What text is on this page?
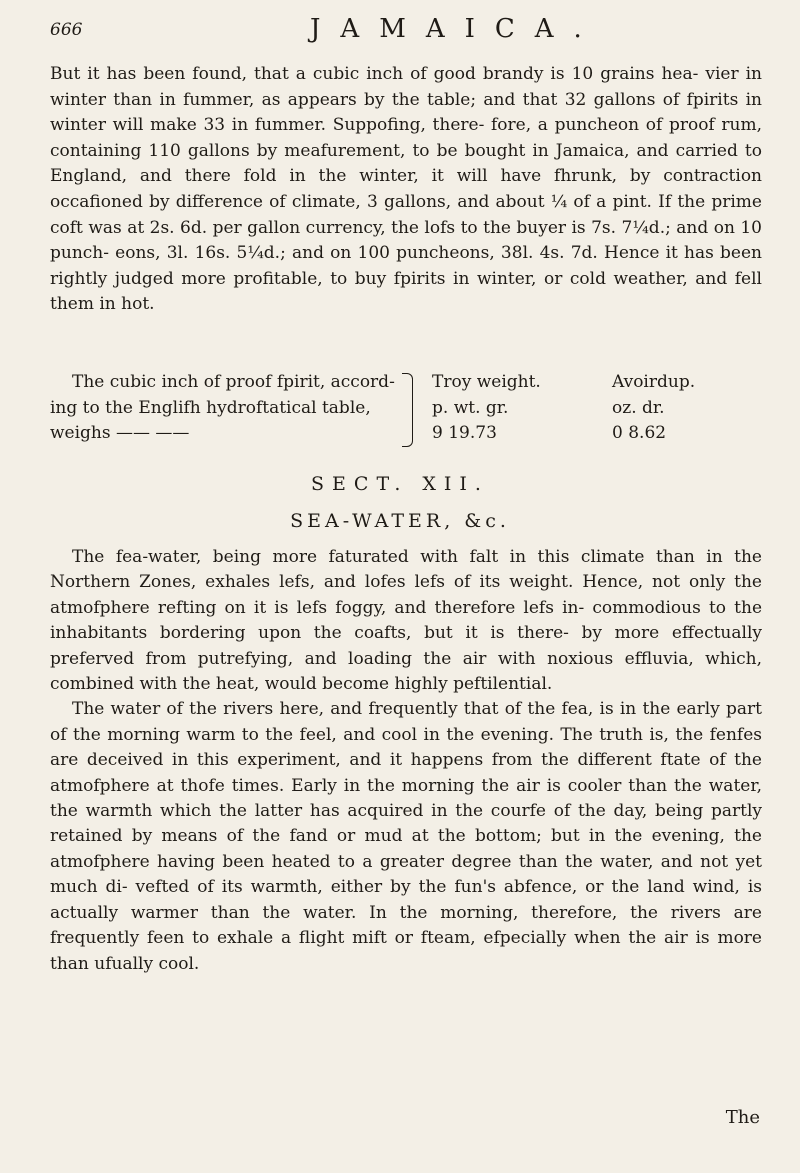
666	JAMAICA.

But it has been found, that a cubic inch of good brandy is 10 grains hea- vier in winter than in fummer, as appears by the table; and that 32 gallons of fpirits in winter will make 33 in fummer. Suppofing, there- fore, a puncheon of proof rum, containing 110 gallons by meafurement, to be bought in Jamaica, and carried to England, and there fold in the winter, it will have fhrunk, by contraction occafioned by difference of climate, 3 gallons, and about ¼ of a pint. If the prime coft was at 2s. 6d. per gallon currency, the lofs to the buyer is 7s. 7¼d.; and on 10 punch- eons, 3l. 16s. 5¼d.; and on 100 puncheons, 38l. 4s. 7d. Hence it has been rightly judged more profitable, to buy fpirits in winter, or cold weather, and fell them in hot.

The cubic inch of proof fpirit, accord-
ing to the Englifh hydroftatical table,
weighs —— ——
Troy weight.
p. wt. gr.
9 19.73
Avoirdup.
oz. dr.
0 8.62
SECT. XII.
SEA-WATER, &c.

The fea-water, being more faturated with falt in this climate than in the Northern Zones, exhales lefs, and lofes lefs of its weight. Hence, not only the atmofphere refting on it is lefs foggy, and therefore lefs in- commodious to the inhabitants bordering upon the coafts, but it is there- by more effectually preferved from putrefying, and loading the air with noxious effluvia, which, combined with the heat, would become highly peftilential.

The water of the rivers here, and frequently that of the fea, is in the early part of the morning warm to the feel, and cool in the evening. The truth is, the fenfes are deceived in this experiment, and it happens from the different ftate of the atmofphere at thofe times. Early in the morning the air is cooler than the water, the warmth which the latter has acquired in the courfe of the day, being partly retained by means of the fand or mud at the bottom; but in the evening, the atmofphere having been heated to a greater degree than the water, and not yet much di- vefted of its warmth, either by the fun's abfence, or the land wind, is actually warmer than the water. In the morning, therefore, the rivers are frequently feen to exhale a flight mift or fteam, efpecially when the air is more than ufually cool.

The
